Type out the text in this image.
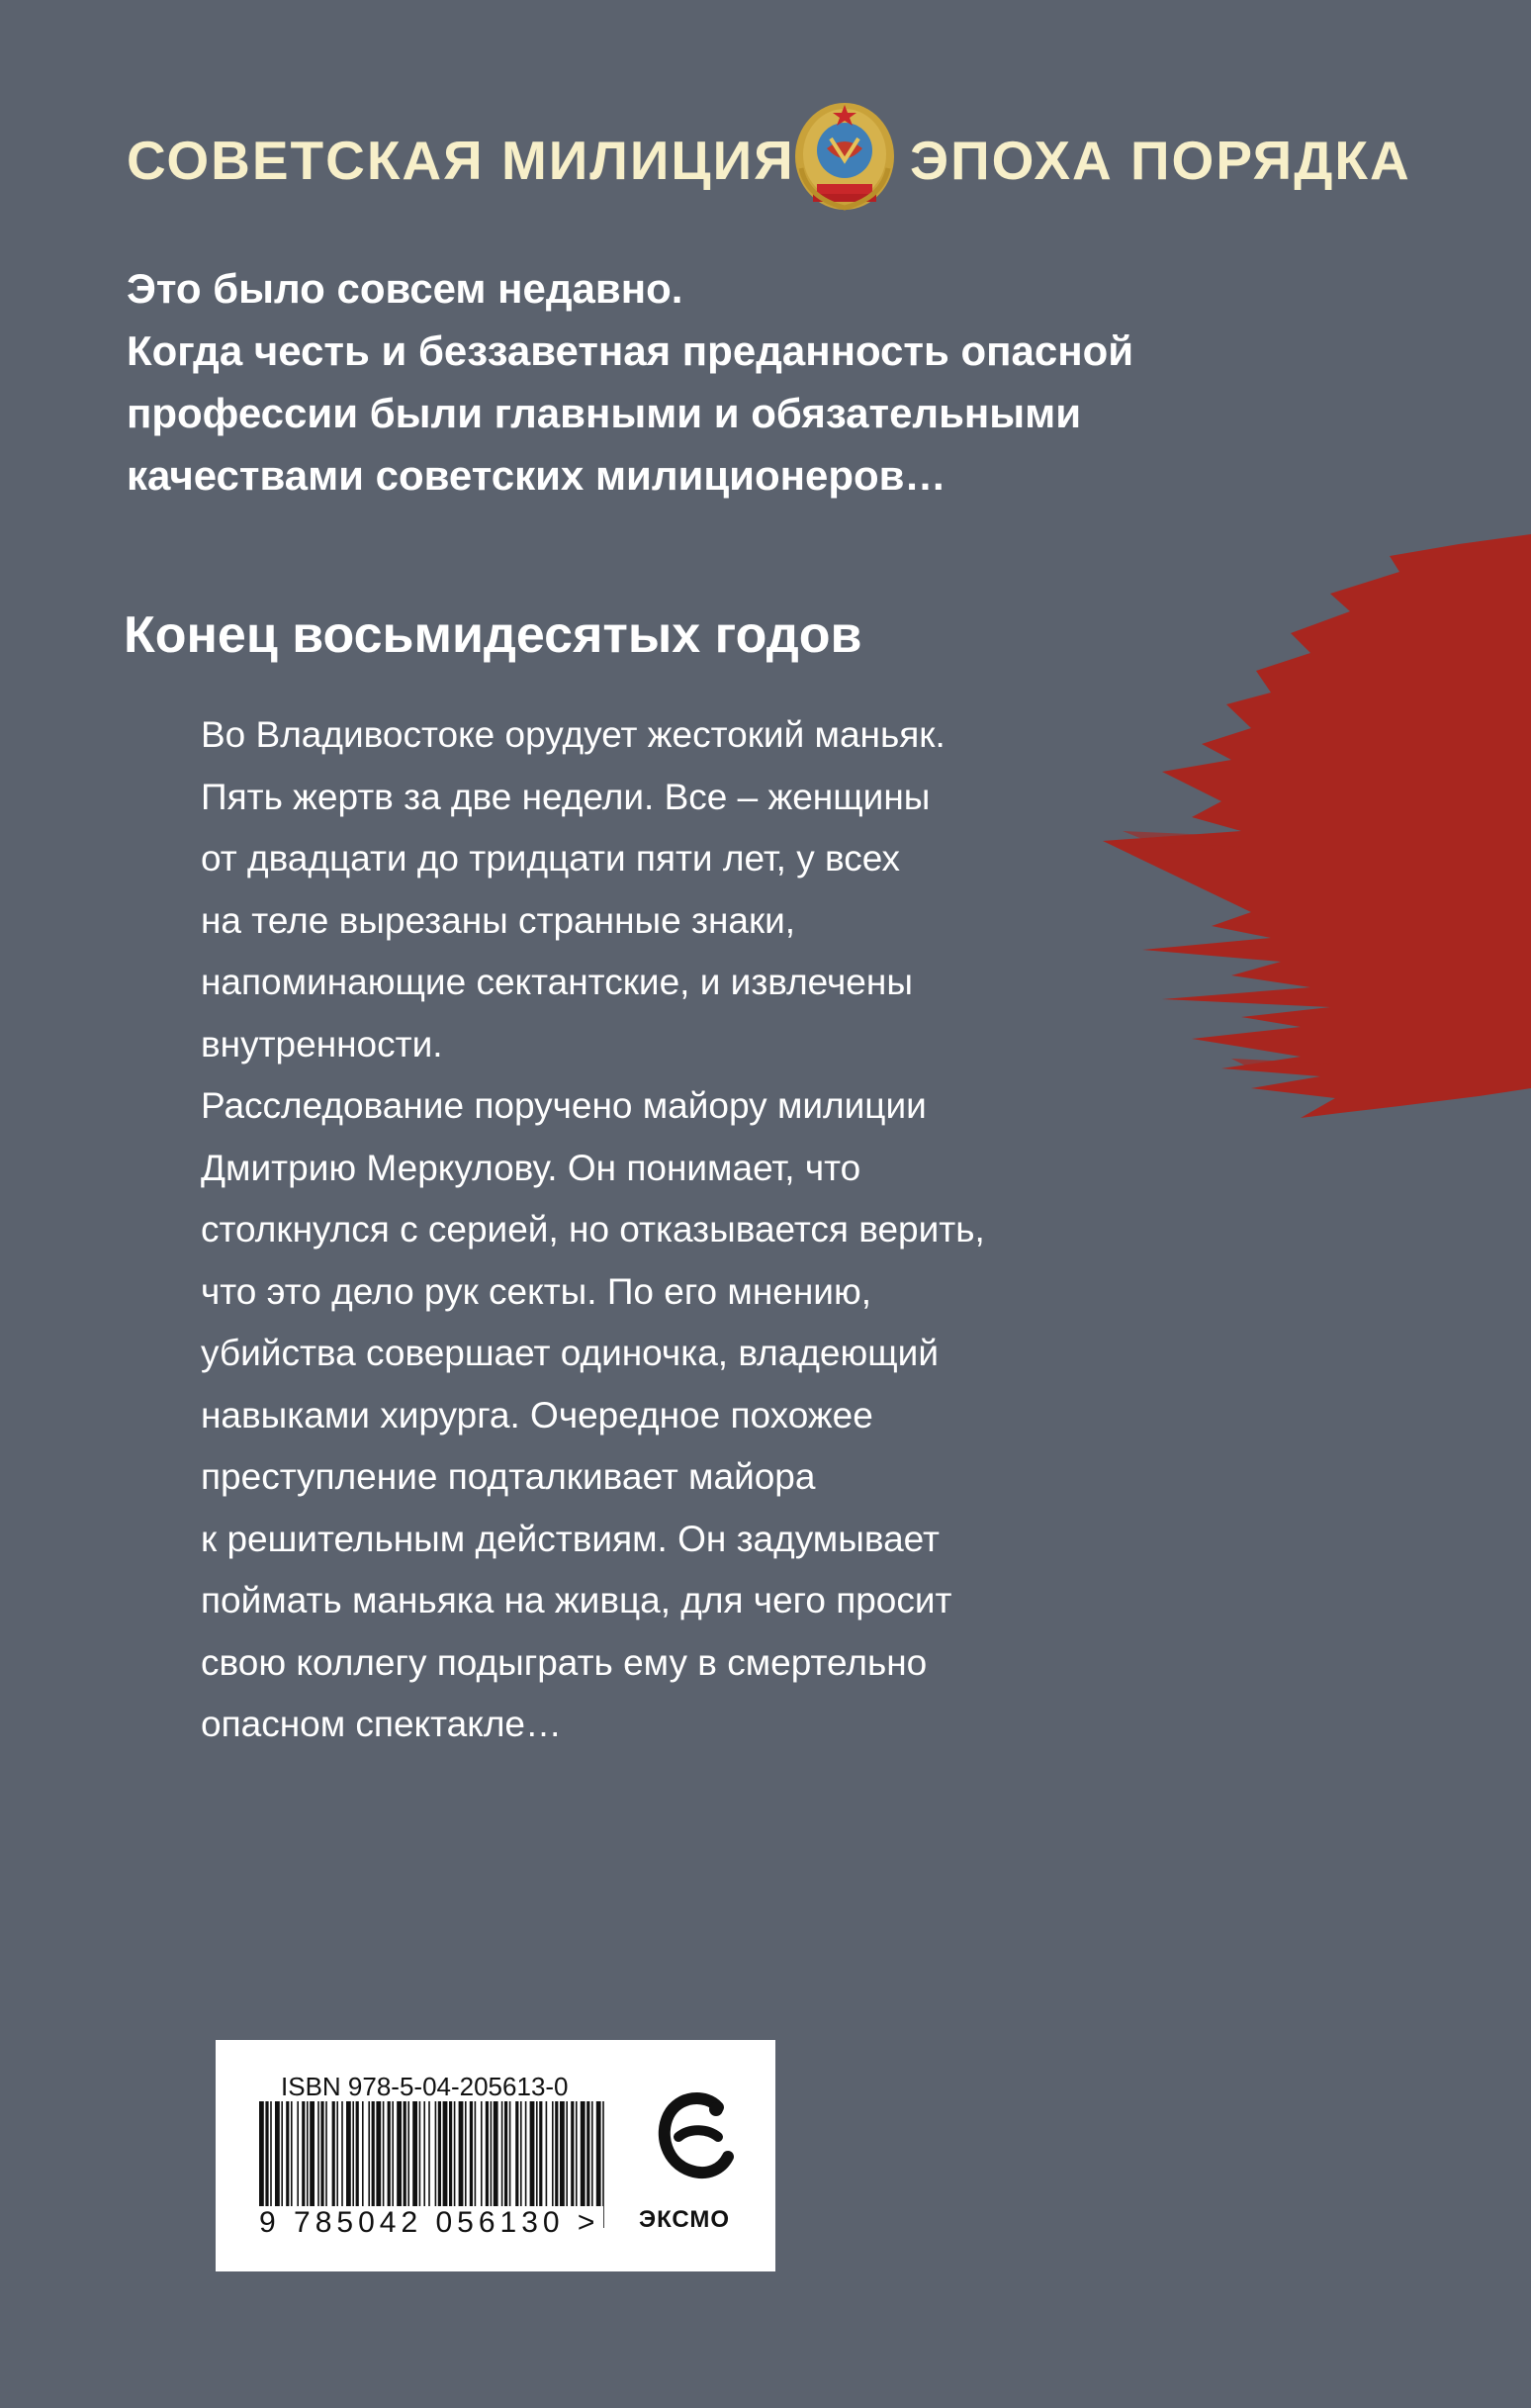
СОВЕТСКАЯ МИЛИЦИЯ ЭПОХА ПОРЯДКА
Это было совсем недавно.
Когда честь и беззаветная преданность опасной
профессии были главными и обязательными
качествами советских милиционеров…
Конец восьмидесятых годов
Во Владивостоке орудует жестокий маньяк.
Пять жертв за две недели. Все – женщины
от двадцати до тридцати пяти лет, у всех
на теле вырезаны странные знаки,
напоминающие сектантские, и извлечены
внутренности.
Расследование поручено майору милиции
Дмитрию Меркулову. Он понимает, что
столкнулся с серией, но отказывается верить,
что это дело рук секты. По его мнению,
убийства совершает одиночка, владеющий
навыками хирурга. Очередное похожее
преступление подталкивает майора
к решительным действиям. Он задумывает
поймать маньяка на живца, для чего просит
свою коллегу подыграть ему в смертельно
опасном спектакле…
ISBN 978-5-04-205613-0
9 785042 056130 > ЭКСМО
